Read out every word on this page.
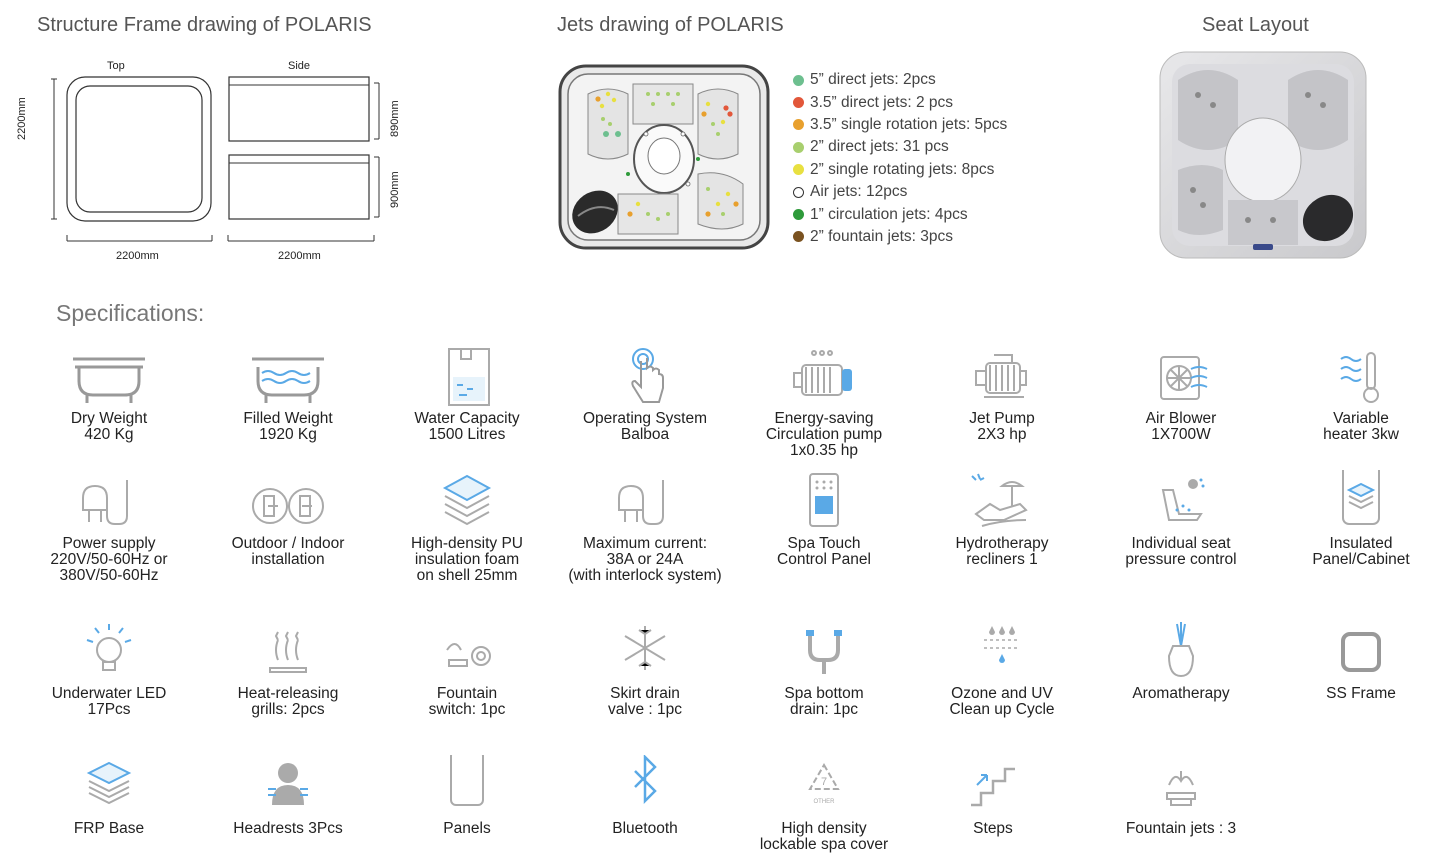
Structure Frame drawing of POLARIS
Top	Side
2200mm
2200mm	2200mm
890mm
900mm
Jets drawing of POLARIS
5” direct jets: 2pcs
3.5” direct jets: 2 pcs
3.5” single rotation jets: 5pcs
2” direct jets: 31 pcs
2” single rotating jets: 8pcs
Air jets: 12pcs
1” circulation jets: 4pcs
2” fountain jets: 3pcs
Seat Layout
Specifications:
Dry Weight
420 Kg
Filled Weight
1920 Kg
Water Capacity
1500 Litres
Operating System
Balboa
Energy-saving
Circulation pump
1x0.35 hp
Jet Pump
2X3 hp
Air Blower
1X700W
Variable
heater 3kw
Power supply
220V/50-60Hz or
380V/50-60Hz
Outdoor / Indoor
installation
High-density PU
insulation foam
on shell 25mm
Maximum current:
38A or 24A
(with interlock system)
Spa Touch
Control Panel
Hydrotherapy
recliners 1
Individual seat
pressure control
Insulated
Panel/Cabinet
Underwater LED
17Pcs
Heat-releasing
grills: 2pcs
Fountain
switch: 1pc
Skirt drain
valve : 1pc
Spa bottom
drain: 1pc
Ozone and UV
Clean up Cycle
Aromatherapy	SS Frame
FRP Base	Headrests 3Pcs	Panels	Bluetooth
7
OTHER
High density
lockable spa cover
Steps	Fountain jets : 3
